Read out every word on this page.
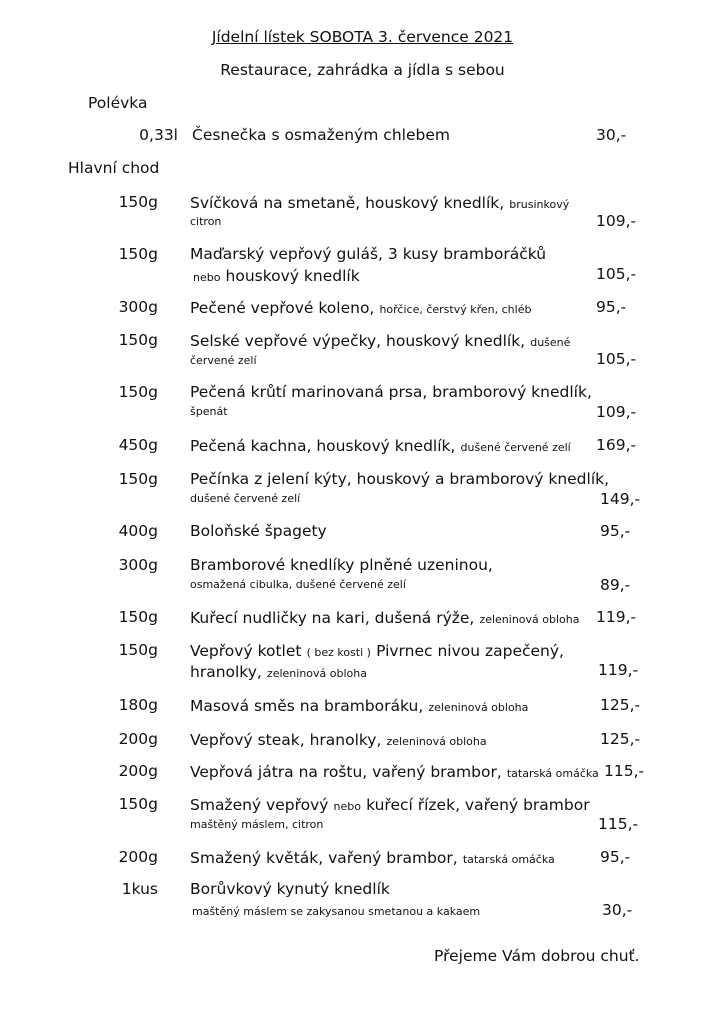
Jídelní lístek SOBOTA 3. července 2021
Restaurace, zahrádka a jídla s sebou
Polévka
0,33l Česnečka s osmaženým chlebem	30,-
Hlavní chod
150g Svíčková na smetaně, houskový knedlík, brusinkový
citron	109,-
150g Maďarský vepřový guláš, 3 kusy bramboráčků
nebo houskový knedlík	105,-
300g Pečené vepřové koleno, hořčice, čerstvý křen, chléb	95,-
150g Selské vepřové výpečky, houskový knedlík, dušené
červené zelí	105,-
150g Pečená krůtí marinovaná prsa, bramborový knedlík,
špenát	109,-
450g Pečená kachna, houskový knedlík, dušené červené zelí 169,-
150g Pečínka z jelení kýty, houskový a bramborový knedlík,
dušené červené zelí	149,-
400g Boloňské špagety	95,-
300g Bramborové knedlíky plněné uzeninou,
osmažená cibulka, dušené červené zelí	89,-
150g Kuřecí nudličky na kari, dušená rýže, zeleninová obloha 119,-
150g Vepřový kotlet ( bez kosti ) Pivrnec nivou zapečený,
hranolky, zeleninová obloha	119,-
180g Masová směs na bramboráku, zeleninová obloha	125,-
200g Vepřový steak, hranolky, zeleninová obloha	125,-
200g Vepřová játra na roštu, vařený brambor, tatarská omáčka 115,-
150g Smažený vepřový nebo kuřecí řízek, vařený brambor
maštěný máslem, citron	115,-
200g Smažený květák, vařený brambor, tatarská omáčka	95,-
1kus Borůvkový kynutý knedlík
maštěný máslem se zakysanou smetanou a kakaem	30,-
Přejeme Vám dobrou chuť.
